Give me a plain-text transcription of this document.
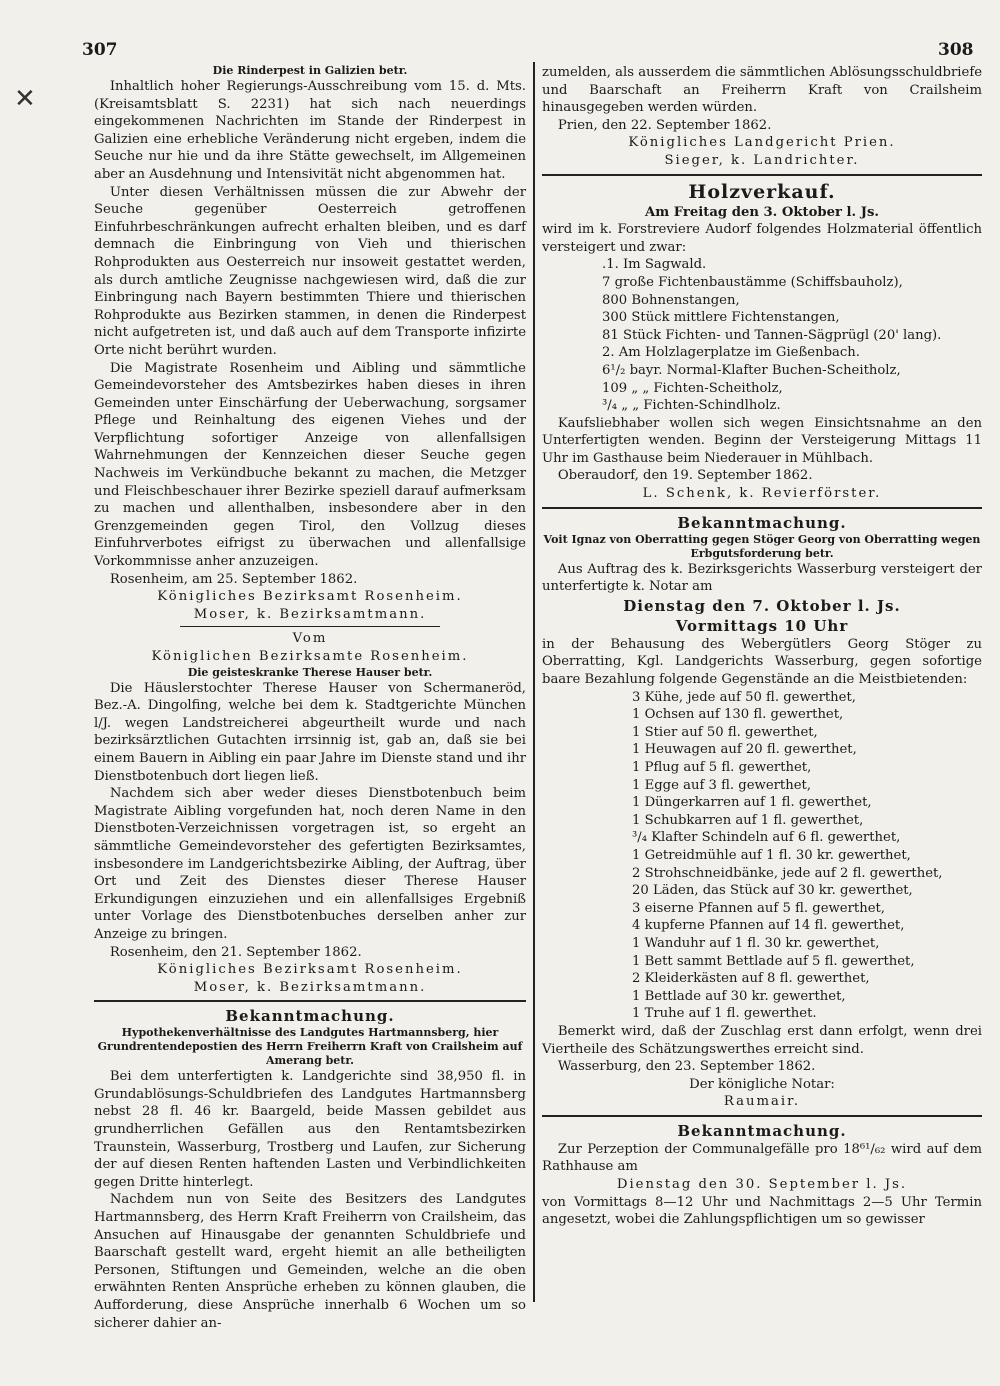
✕
307	308

Die Rinderpest in Galizien betr.

Inhaltlich hoher Regierungs-Ausschreibung vom 15. d. Mts. (Kreisamtsblatt S. 2231) hat sich nach neuerdings eingekommenen Nachrichten im Stande der Rinderpest in Galizien eine erhebliche Veränderung nicht ergeben, indem die Seuche nur hie und da ihre Stätte gewechselt, im Allgemeinen aber an Ausdehnung und Intensivität nicht abgenommen hat.

Unter diesen Verhältnissen müssen die zur Abwehr der Seuche gegenüber Oesterreich getroffenen Einfuhrbeschränkungen aufrecht erhalten bleiben, und es darf demnach die Einbringung von Vieh und thierischen Rohprodukten aus Oesterreich nur insoweit gestattet werden, als durch amtliche Zeugnisse nachgewiesen wird, daß die zur Einbringung nach Bayern bestimmten Thiere und thierischen Rohprodukte aus Bezirken stammen, in denen die Rinderpest nicht aufgetreten ist, und daß auch auf dem Transporte infizirte Orte nicht berührt wurden.

Die Magistrate Rosenheim und Aibling und sämmtliche Gemeindevorsteher des Amtsbezirkes haben dieses in ihren Gemeinden unter Einschärfung der Ueberwachung, sorgsamer Pflege und Reinhaltung des eigenen Viehes und der Verpflichtung sofortiger Anzeige von allenfallsigen Wahrnehmungen der Kennzeichen dieser Seuche gegen Nachweis im Verkündbuche bekannt zu machen, die Metzger und Fleischbeschauer ihrer Bezirke speziell darauf aufmerksam zu machen und allenthalben, insbesondere aber in den Grenzgemeinden gegen Tirol, den Vollzug dieses Einfuhrverbotes eifrigst zu überwachen und allenfallsige Vorkommnisse anher anzuzeigen.

Rosenheim, am 25. September 1862.

Königliches Bezirksamt Rosenheim.

Moser, k. Bezirksamtmann.

Vom

Königlichen Bezirksamte Rosenheim.

Die geisteskranke Therese Hauser betr.

Die Häuslerstochter Therese Hauser von Schermaneröd, Bez.-A. Dingolfing, welche bei dem k. Stadtgerichte München l/J. wegen Landstreicherei abgeurtheilt wurde und nach bezirksärztlichen Gutachten irrsinnig ist, gab an, daß sie bei einem Bauern in Aibling ein paar Jahre im Dienste stand und ihr Dienstbotenbuch dort liegen ließ.

Nachdem sich aber weder dieses Dienstbotenbuch beim Magistrate Aibling vorgefunden hat, noch deren Name in den Dienstboten-Verzeichnissen vorgetragen ist, so ergeht an sämmtliche Gemeindevorsteher des gefertigten Bezirksamtes, insbesondere im Landgerichtsbezirke Aibling, der Auftrag, über Ort und Zeit des Dienstes dieser Therese Hauser Erkundigungen einzuziehen und ein allenfallsiges Ergebniß unter Vorlage des Dienstbotenbuches derselben anher zur Anzeige zu bringen.

Rosenheim, den 21. September 1862.

Königliches Bezirksamt Rosenheim.

Moser, k. Bezirksamtmann.

Bekanntmachung.

Hypothekenverhältnisse des Landgutes Hartmannsberg, hier Grundrentendepostien des Herrn Freiherrn Kraft von Crailsheim auf Amerang betr.

Bei dem unterfertigten k. Landgerichte sind 38,950 fl. in Grundablösungs-Schuldbriefen des Landgutes Hartmannsberg nebst 28 fl. 46 kr. Baargeld, beide Massen gebildet aus grundherrlichen Gefällen aus den Rentamtsbezirken Traunstein, Wasserburg, Trostberg und Laufen, zur Sicherung der auf diesen Renten haftenden Lasten und Verbindlichkeiten gegen Dritte hinterlegt.

Nachdem nun von Seite des Besitzers des Landgutes Hartmannsberg, des Herrn Kraft Freiherrn von Crailsheim, das Ansuchen auf Hinausgabe der genannten Schuldbriefe und Baarschaft gestellt ward, ergeht hiemit an alle betheiligten Personen, Stiftungen und Gemeinden, welche an die oben erwähnten Renten Ansprüche erheben zu können glauben, die Aufforderung, diese Ansprüche innerhalb 6 Wochen um so sicherer dahier an-

zumelden, als ausserdem die sämmtlichen Ablösungsschuldbriefe und Baarschaft an Freiherrn Kraft von Crailsheim hinausgegeben werden würden.

Prien, den 22. September 1862.

Königliches Landgericht Prien.

Sieger, k. Landrichter.

Holzverkauf.

Am Freitag den 3. Oktober l. Js.

wird im k. Forstreviere Audorf folgendes Holzmaterial öffentlich versteigert und zwar:

.1. Im Sagwald.

7 große Fichtenbaustämme (Schiffsbauholz),

800 Bohnenstangen,

300 Stück mittlere Fichtenstangen,

81 Stück Fichten- und Tannen-Sägprügl (20' lang).

2. Am Holzlagerplatze im Gießenbach.

6¹/₂ bayr. Normal-Klafter Buchen-Scheitholz,

109 „ „ Fichten-Scheitholz,

³/₄ „ „ Fichten-Schindlholz.

Kaufsliebhaber wollen sich wegen Einsichtsnahme an den Unterfertigten wenden. Beginn der Versteigerung Mittags 11 Uhr im Gasthause beim Niederauer in Mühlbach.

Oberaudorf, den 19. September 1862.

L. Schenk, k. Revierförster.

Bekanntmachung.

Voit Ignaz von Oberratting gegen Stöger Georg von Oberratting wegen Erbgutsforderung betr.

Aus Auftrag des k. Bezirksgerichts Wasserburg versteigert der unterfertigte k. Notar am

Dienstag den 7. Oktober l. Js.

Vormittags 10 Uhr

in der Behausung des Webergütlers Georg Stöger zu Oberratting, Kgl. Landgerichts Wasserburg, gegen sofortige baare Bezahlung folgende Gegenstände an die Meistbietenden:

3 Kühe, jede auf 50 fl. gewerthet,

1 Ochsen auf 130 fl. gewerthet,

1 Stier auf 50 fl. gewerthet,

1 Heuwagen auf 20 fl. gewerthet,

1 Pflug auf 5 fl. gewerthet,

1 Egge auf 3 fl. gewerthet,

1 Düngerkarren auf 1 fl. gewerthet,

1 Schubkarren auf 1 fl. gewerthet,

³/₄ Klafter Schindeln auf 6 fl. gewerthet,

1 Getreidmühle auf 1 fl. 30 kr. gewerthet,

2 Strohschneidbänke, jede auf 2 fl. gewerthet,

20 Läden, das Stück auf 30 kr. gewerthet,

3 eiserne Pfannen auf 5 fl. gewerthet,

4 kupferne Pfannen auf 14 fl. gewerthet,

1 Wanduhr auf 1 fl. 30 kr. gewerthet,

1 Bett sammt Bettlade auf 5 fl. gewerthet,

2 Kleiderkästen auf 8 fl. gewerthet,

1 Bettlade auf 30 kr. gewerthet,

1 Truhe auf 1 fl. gewerthet.

Bemerkt wird, daß der Zuschlag erst dann erfolgt, wenn drei Viertheile des Schätzungswerthes erreicht sind.

Wasserburg, den 23. September 1862.

Der königliche Notar:

Raumair.

Bekanntmachung.

Zur Perzeption der Communalgefälle pro 18⁶¹/₆₂ wird auf dem Rathhause am

Dienstag den 30. September l. Js.

von Vormittags 8—12 Uhr und Nachmittags 2—5 Uhr Termin angesetzt, wobei die Zahlungspflichtigen um so gewisser
